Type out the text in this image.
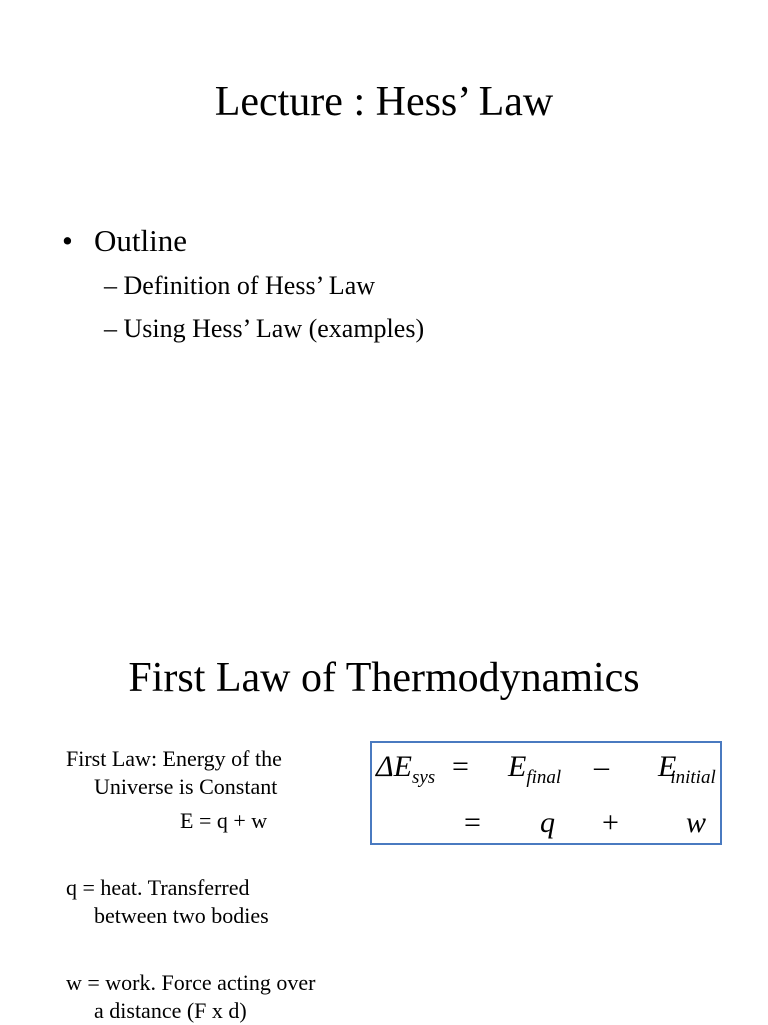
Lecture : Hess’ Law
• Outline
– Definition of Hess’ Law
– Using Hess’ Law (examples)
First Law of Thermodynamics
First Law: Energy of the
Universe is Constant
E = q + w
q = heat. Transferred
between two bodies
w = work. Force acting over
a distance (F x d)
$\Delta E_{sys} = E_{final} - E_{initial}$
= q + w
